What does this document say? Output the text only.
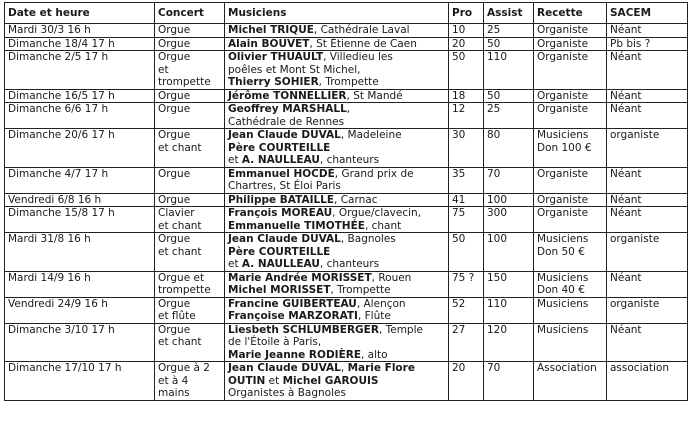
Date et heure	Concert	Musiciens	Pro	Assist	Recette	SACEM
Mardi 30/3 16 h	Orgue	Michel TRIQUE, Cathédrale Laval	10	25	Organiste	Néant

Dimanche 18/4 17 h	Orgue	Alain BOUVET, St Étienne de Caen	20	50	Organiste	Pb bis ?

Dimanche 2/5 17 h	Orgue
et
trompette	Olivier THUAULT, Villedieu les
poêles et Mont St Michel,
Thierry SOHIER, Trompette	50	110	Organiste	Néant

Dimanche 16/5 17 h	Orgue	Jérôme TONNELLIER, St Mandé	18	50	Organiste	Néant

Dimanche 6/6 17 h	Orgue	Geoffrey MARSHALL,
Cathédrale de Rennes	12	25	Organiste	Néant

Dimanche 20/6 17 h	Orgue
et chant	Jean Claude DUVAL, Madeleine
Père COURTEILLE
et A. NAULLEAU, chanteurs	30	80	Musiciens
Don 100 €	organiste

Dimanche 4/7 17 h	Orgue	Emmanuel HOCDÉ, Grand prix de
Chartres, St Éloi Paris	35	70	Organiste	Néant

Vendredi 6/8 16 h	Orgue	Philippe BATAILLE, Carnac	41	100	Organiste	Néant

Dimanche 15/8 17 h	Clavier
et chant	François MOREAU, Orgue/clavecin,
Emmanuelle TIMOTHÉE, chant	75	300	Organiste	Néant

Mardi 31/8 16 h	Orgue
et chant	Jean Claude DUVAL, Bagnoles
Père COURTEILLE
et A. NAULLEAU, chanteurs	50	100	Musiciens
Don 50 €	organiste

Mardi 14/9 16 h	Orgue et
trompette	Marie Andrée MORISSET, Rouen
Michel MORISSET, Trompette	75 ?	150	Musiciens
Don 40 €	Néant

Vendredi 24/9 16 h	Orgue
et flûte	Francine GUIBERTEAU, Alençon
Françoise MARZORATI, Flûte	52	110	Musiciens	organiste

Dimanche 3/10 17 h	Orgue
et chant	Liesbeth SCHLUMBERGER, Temple
de l'Étoile à Paris,
Marie Jeanne RODIÈRE, alto	27	120	Musiciens	Néant

Dimanche 17/10 17 h	Orgue à 2
et à 4
mains	Jean Claude DUVAL, Marie Flore
OUTIN et Michel GAROUIS
Organistes à Bagnoles	20	70	Association	association
